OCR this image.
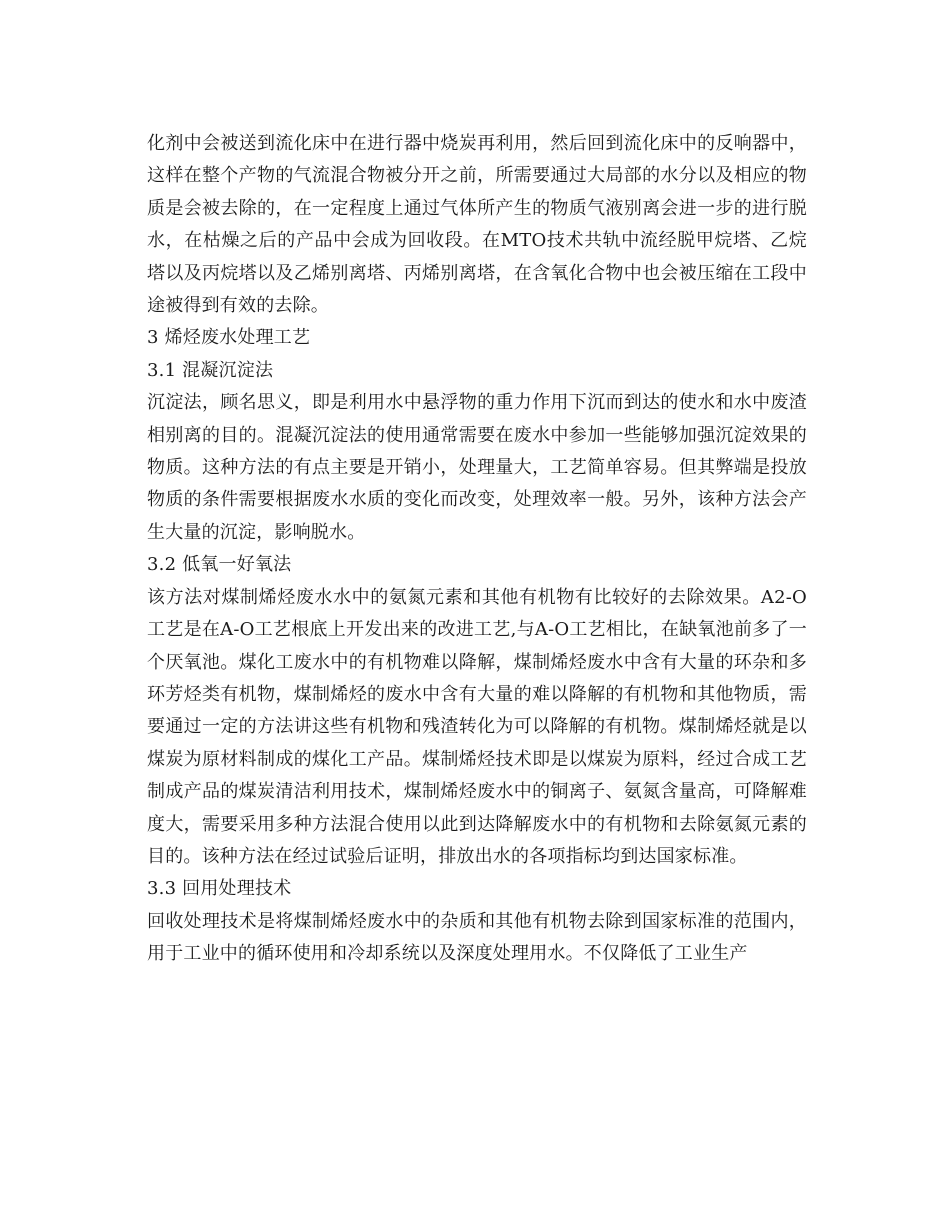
化剂中会被送到流化床中在进行器中烧炭再利用，然后回到流化床中的反响器中，这样在整个产物的气流混合物被分开之前，所需要通过大局部的水分以及相应的物质是会被去除的，在一定程度上通过气体所产生的物质气液别离会进一步的进行脱水，在枯燥之后的产品中会成为回收段。在MTO技术共轨中流经脱甲烷塔、乙烷塔以及丙烷塔以及乙烯别离塔、丙烯别离塔，在含氧化合物中也会被压缩在工段中途被得到有效的去除。

3 烯烃废水处理工艺
3.1 混凝沉淀法

沉淀法，顾名思义，即是利用水中悬浮物的重力作用下沉而到达的使水和水中废渣相别离的目的。混凝沉淀法的使用通常需要在废水中参加一些能够加强沉淀效果的物质。这种方法的有点主要是开销小，处理量大，工艺简单容易。但其弊端是投放物质的条件需要根据废水水质的变化而改变，处理效率一般。另外，该种方法会产生大量的沉淀，影响脱水。

3.2 低氧一好氧法

该方法对煤制烯烃废水水中的氨氮元素和其他有机物有比较好的去除效果。A2-O工艺是在A-O工艺根底上开发出来的改进工艺,与A-O工艺相比，在缺氧池前多了一个厌氧池。煤化工废水中的有机物难以降解，煤制烯烃废水中含有大量的环杂和多环芳烃类有机物，煤制烯烃的废水中含有大量的难以降解的有机物和其他物质，需要通过一定的方法讲这些有机物和残渣转化为可以降解的有机物。煤制烯烃就是以煤炭为原材料制成的煤化工产品。煤制烯烃技术即是以煤炭为原料，经过合成工艺制成产品的煤炭清洁利用技术，煤制烯烃废水中的铜离子、氨氮含量高，可降解难度大，需要采用多种方法混合使用以此到达降解废水中的有机物和去除氨氮元素的目的。该种方法在经过试验后证明，排放出水的各项指标均到达国家标准。

3.3 回用处理技术

回收处理技术是将煤制烯烃废水中的杂质和其他有机物去除到国家标准的范围内，用于工业中的循环使用和冷却系统以及深度处理用水。不仅降低了工业生产
